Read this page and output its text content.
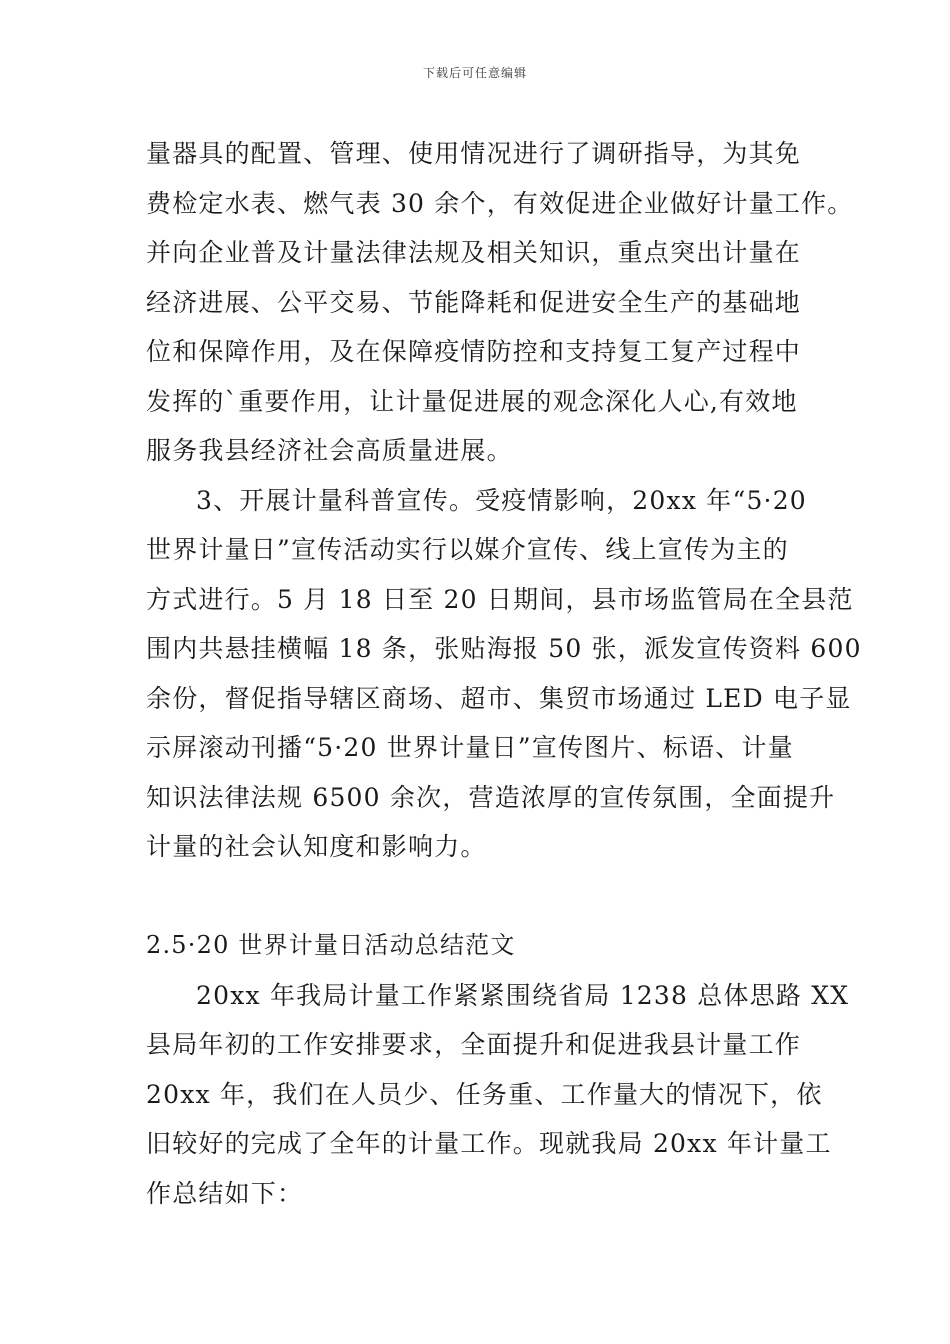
下载后可任意编辑
量器具的配置、管理、使用情况进行了调研指导，为其免
费检定水表、燃气表 30 余个，有效促进企业做好计量工作。
并向企业普及计量法律法规及相关知识，重点突出计量在
经济进展、公平交易、节能降耗和促进安全生产的基础地
位和保障作用，及在保障疫情防控和支持复工复产过程中
发挥的`重要作用，让计量促进展的观念深化人心,有效地
服务我县经济社会高质量进展。
3、开展计量科普宣传。受疫情影响，20xx 年“5·20
世界计量日”宣传活动实行以媒介宣传、线上宣传为主的
方式进行。5 月 18 日至 20 日期间，县市场监管局在全县范
围内共悬挂横幅 18 条，张贴海报 50 张，派发宣传资料 600
余份，督促指导辖区商场、超市、集贸市场通过 LED 电子显
示屏滚动刊播“5·20 世界计量日”宣传图片、标语、计量
知识法律法规 6500 余次，营造浓厚的宣传氛围，全面提升
计量的社会认知度和影响力。
2.5·20 世界计量日活动总结范文
20xx 年我局计量工作紧紧围绕省局 1238 总体思路 XX
县局年初的工作安排要求，全面提升和促进我县计量工作
20xx 年，我们在人员少、任务重、工作量大的情况下，依
旧较好的完成了全年的计量工作。现就我局 20xx 年计量工
作总结如下：
